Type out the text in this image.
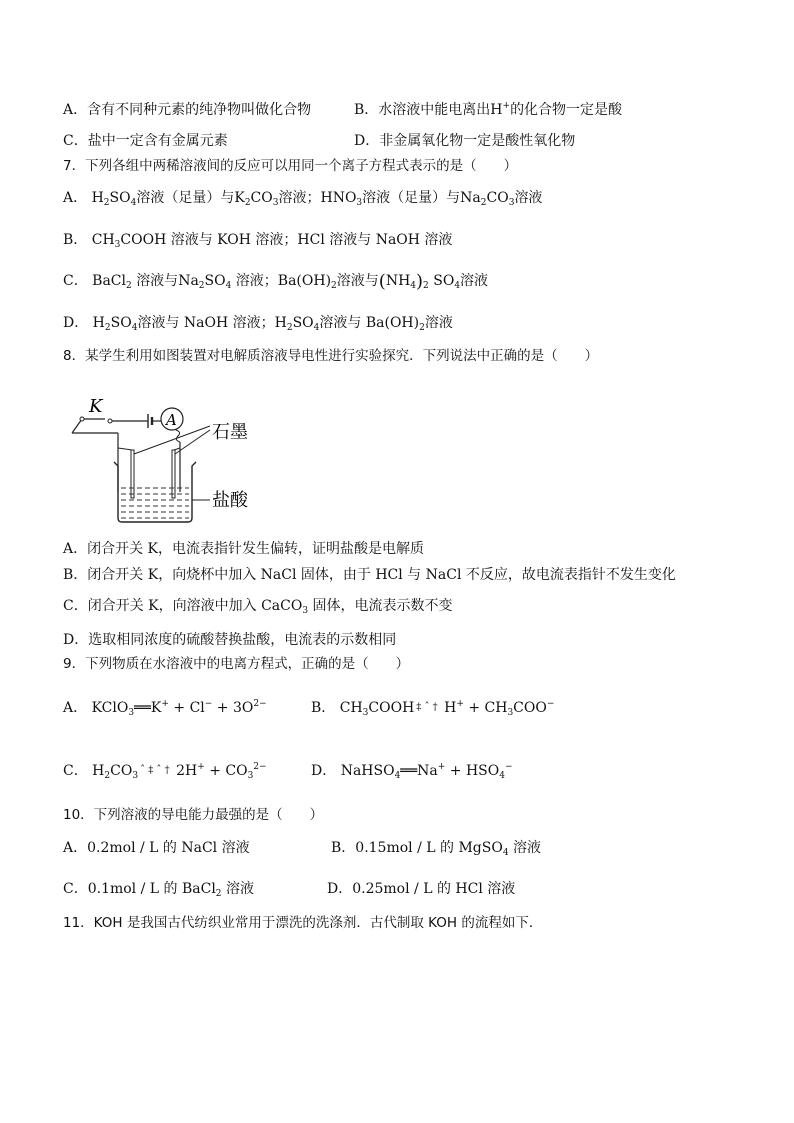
A．含有不同种元素的纯净物叫做化合物	B．水溶液中能电离出H+的化合物一定是酸
C．盐中一定含有金属元素	D．非金属氧化物一定是酸性氧化物
7．下列各组中两稀溶液间的反应可以用同一个离子方程式表示的是（　　）
A． $H_2SO_4$溶液（足量）与$K_2CO_3$溶液；$HNO_3$溶液（足量）与$Na_2CO_3$溶液
B． $CH_3COOH$ 溶液与 KOH 溶液；HCl 溶液与 NaOH 溶液
C． BaCl$_2$ 溶液与$Na_2SO_4$ 溶液；$Ba(OH)_2$溶液与$(NH_4)_2$ $SO_4$溶液
D． $H_2SO_4$溶液与 NaOH 溶液；$H_2SO_4$溶液与 $Ba(OH)_2$溶液
8．某学生利用如图装置对电解质溶液导电性进行实验探究．下列说法中正确的是（　　）
K
A
石墨
盐酸
A．闭合开关 K，电流表指针发生偏转，证明盐酸是电解质
B．闭合开关 K，向烧杯中加入 NaCl 固体，由于 HCl 与 NaCl 不反应，故电流表指针不发生变化
C．闭合开关 K，向溶液中加入 CaCO$_3$ 固体，电流表示数不变
D．选取相同浓度的硫酸替换盐酸，电流表的示数相同
9．下列物质在水溶液中的电离方程式，正确的是（　　）
A． KClO$_3$══K+ + $Cl^- + 3O^{2-}$	B． $CH_3COOH$ ‡ ˆ † $H^+ + CH_3COO^-$
C． $H_2CO_3$ ˆ ‡ ˆ † $2H^+ + CO_3^{2-}$	D． NaHSO$_4$══Na+ + $HSO_4^-$
10．下列溶液的导电能力最强的是（　　）
A．0.2mol / L 的 NaCl 溶液	B．0.15mol / L 的 MgSO$_4$ 溶液
C．0.1mol / L 的 BaCl$_2$ 溶液	D．0.25mol / L 的 HCl 溶液
11．KOH 是我国古代纺织业常用于漂洗的洗涤剂．古代制取 KOH 的流程如下．
